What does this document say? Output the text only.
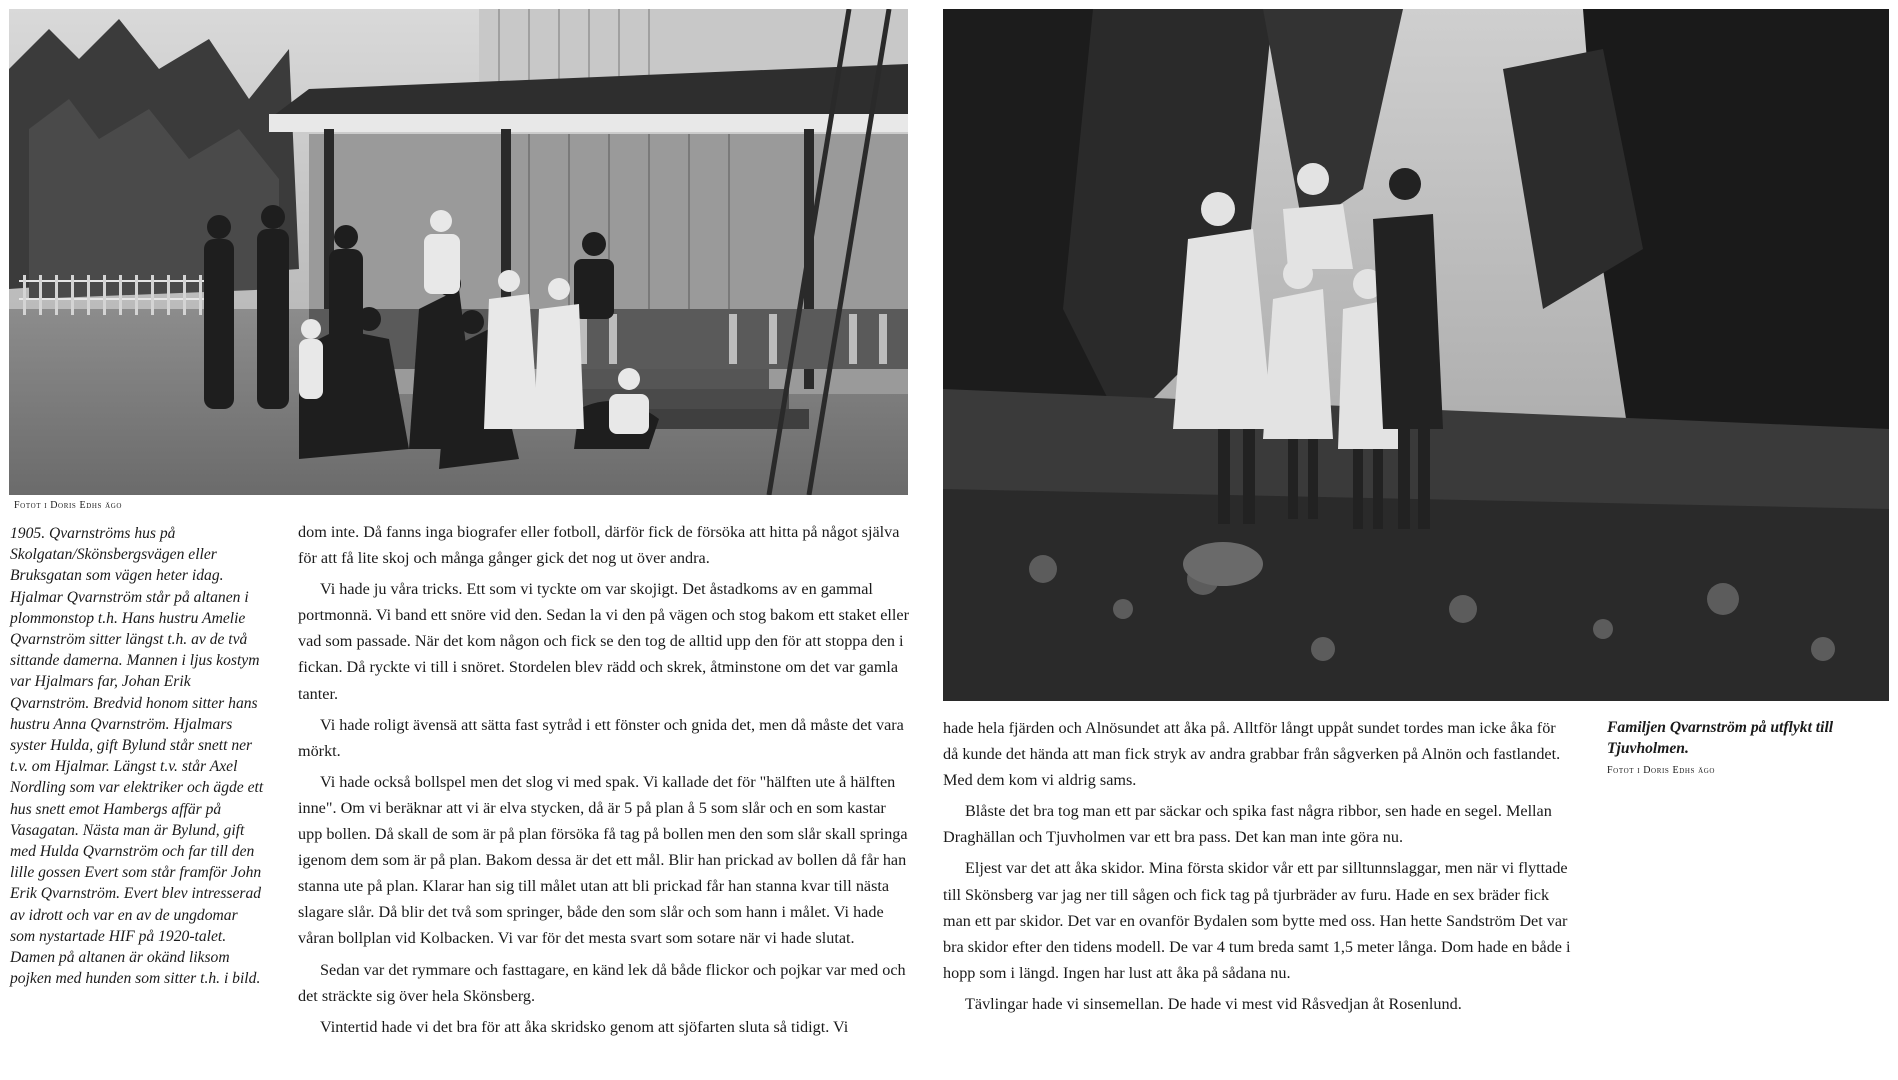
Fotot i Doris Edhs ägo
1905. Qvarnströms hus på Skolgatan/Skönsbergsvägen eller Bruksgatan som vägen heter idag. Hjalmar Qvarnström står på altanen i plommonstop t.h. Hans hustru Amelie Qvarnström sitter längst t.h. av de två sittande damerna. Mannen i ljus kostym var Hjalmars far, Johan Erik Qvarnström. Bredvid honom sitter hans hustru Anna Qvarnström. Hjalmars syster Hulda, gift Bylund står snett ner t.v. om Hjalmar. Längst t.v. står Axel Nordling som var elektriker och ägde ett hus snett emot Hambergs affär på Vasagatan. Nästa man är Bylund, gift med Hulda Qvarnström och far till den lille gossen Evert som står framför John Erik Qvarnström. Evert blev intresserad av idrott och var en av de ungdomar som nystartade HIF på 1920-talet. Damen på altanen är okänd liksom pojken med hunden som sitter t.h. i bild.

dom inte. Då fanns inga biografer eller fotboll, därför fick de försöka att hitta på något själva för att få lite skoj och många gånger gick det nog ut över andra.

Vi hade ju våra tricks. Ett som vi tyckte om var skojigt. Det åstadkoms av en gammal portmonnä. Vi band ett snöre vid den. Sedan la vi den på vägen och stog bakom ett staket eller vad som passade. När det kom någon och fick se den tog de alltid upp den för att stoppa den i fickan. Då ryckte vi till i snöret. Stordelen blev rädd och skrek, åtminstone om det var gamla tanter.

Vi hade roligt ävensä att sätta fast sytråd i ett fönster och gnida det, men då måste det vara mörkt.

Vi hade också bollspel men det slog vi med spak. Vi kallade det för "hälften ute å hälften inne". Om vi beräknar att vi är elva stycken, då är 5 på plan å 5 som slår och en som kastar upp bollen. Då skall de som är på plan försöka få tag på bollen men den som slår skall springa igenom dem som är på plan. Bakom dessa är det ett mål. Blir han prickad av bollen då får han stanna ute på plan. Klarar han sig till målet utan att bli prickad får han stanna kvar till nästa slagare slår. Då blir det två som springer, både den som slår och som hann i målet. Vi hade våran bollplan vid Kolbacken. Vi var för det mesta svart som sotare när vi hade slutat.

Sedan var det rymmare och fasttagare, en känd lek då både flickor och pojkar var med och det sträckte sig över hela Skönsberg.

Vintertid hade vi det bra för att åka skridsko genom att sjöfarten sluta så tidigt. Vi

Familjen Qvarnström på utflykt till Tjuvholmen.
Fotot i Doris Edhs ägo

hade hela fjärden och Alnösundet att åka på. Alltför långt uppåt sundet tordes man icke åka för då kunde det hända att man fick stryk av andra grabbar från sågverken på Alnön och fastlandet. Med dem kom vi aldrig sams.

Blåste det bra tog man ett par säckar och spika fast några ribbor, sen hade en segel. Mellan Draghällan och Tjuvholmen var ett bra pass. Det kan man inte göra nu.

Eljest var det att åka skidor. Mina första skidor vår ett par silltunnslaggar, men när vi flyttade till Skönsberg var jag ner till sågen och fick tag på tjurbräder av furu. Hade en sex bräder fick man ett par skidor. Det var en ovanför Bydalen som bytte med oss. Han hette Sandström Det var bra skidor efter den tidens modell. De var 4 tum breda samt 1,5 meter långa. Dom hade en både i hopp som i längd. Ingen har lust att åka på sådana nu.

Tävlingar hade vi sinsemellan. De hade vi mest vid Råsvedjan åt Rosenlund.
